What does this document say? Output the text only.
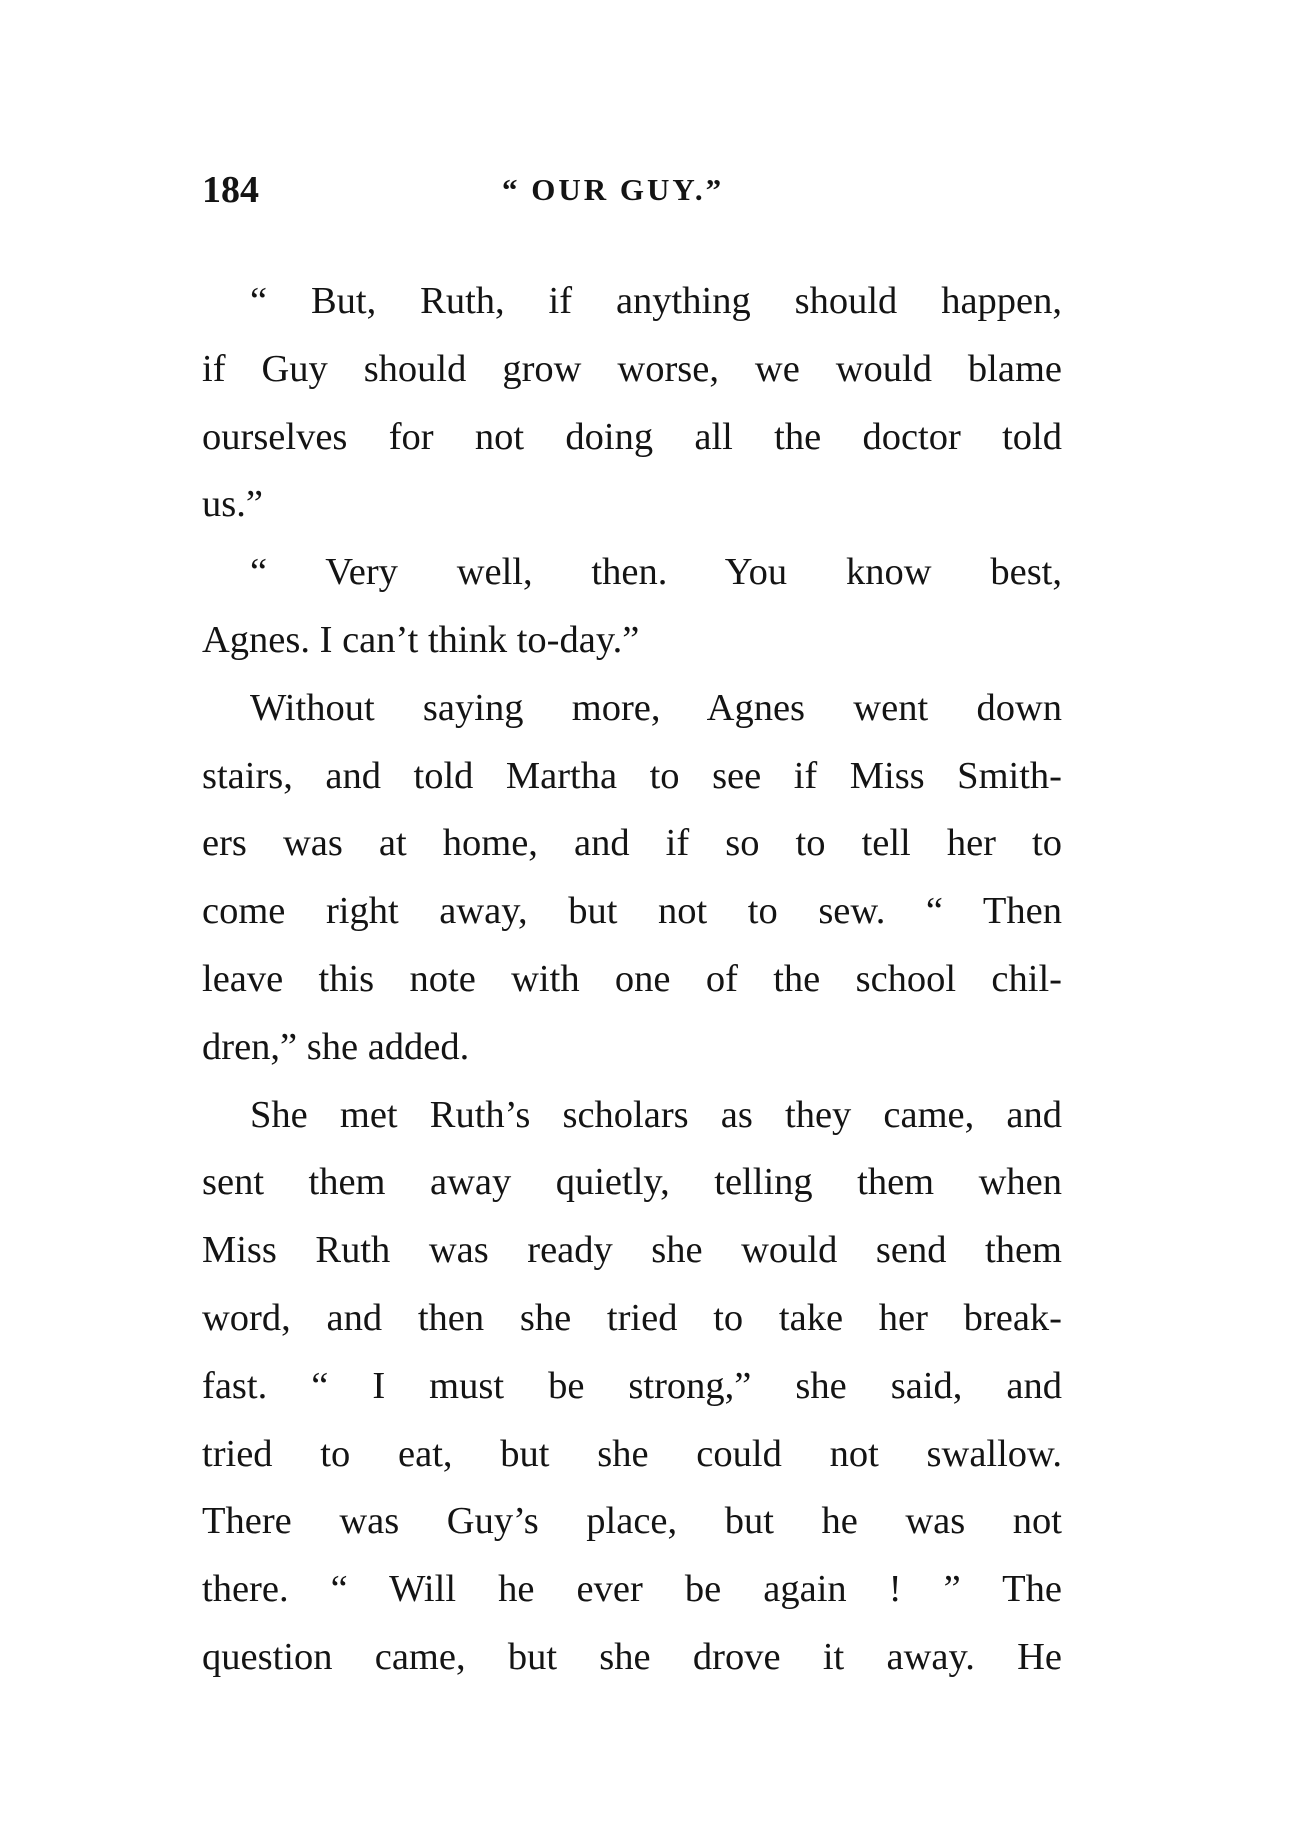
184	“ OUR GUY.”

“ But, Ruth, if anything should happen,
if Guy should grow worse, we would blame
ourselves for not doing all the doctor told
us.”

“ Very well, then. You know best,
Agnes. I can’t think to-day.”

Without saying more, Agnes went down
stairs, and told Martha to see if Miss Smith-
ers was at home, and if so to tell her to
come right away, but not to sew. “ Then
leave this note with one of the school chil-
dren,” she added.

She met Ruth’s scholars as they came, and
sent them away quietly, telling them when
Miss Ruth was ready she would send them
word, and then she tried to take her break-
fast. “ I must be strong,” she said, and
tried to eat, but she could not swallow.
There was Guy’s place, but he was not
there. “ Will he ever be again ! ” The
question came, but she drove it away. He
